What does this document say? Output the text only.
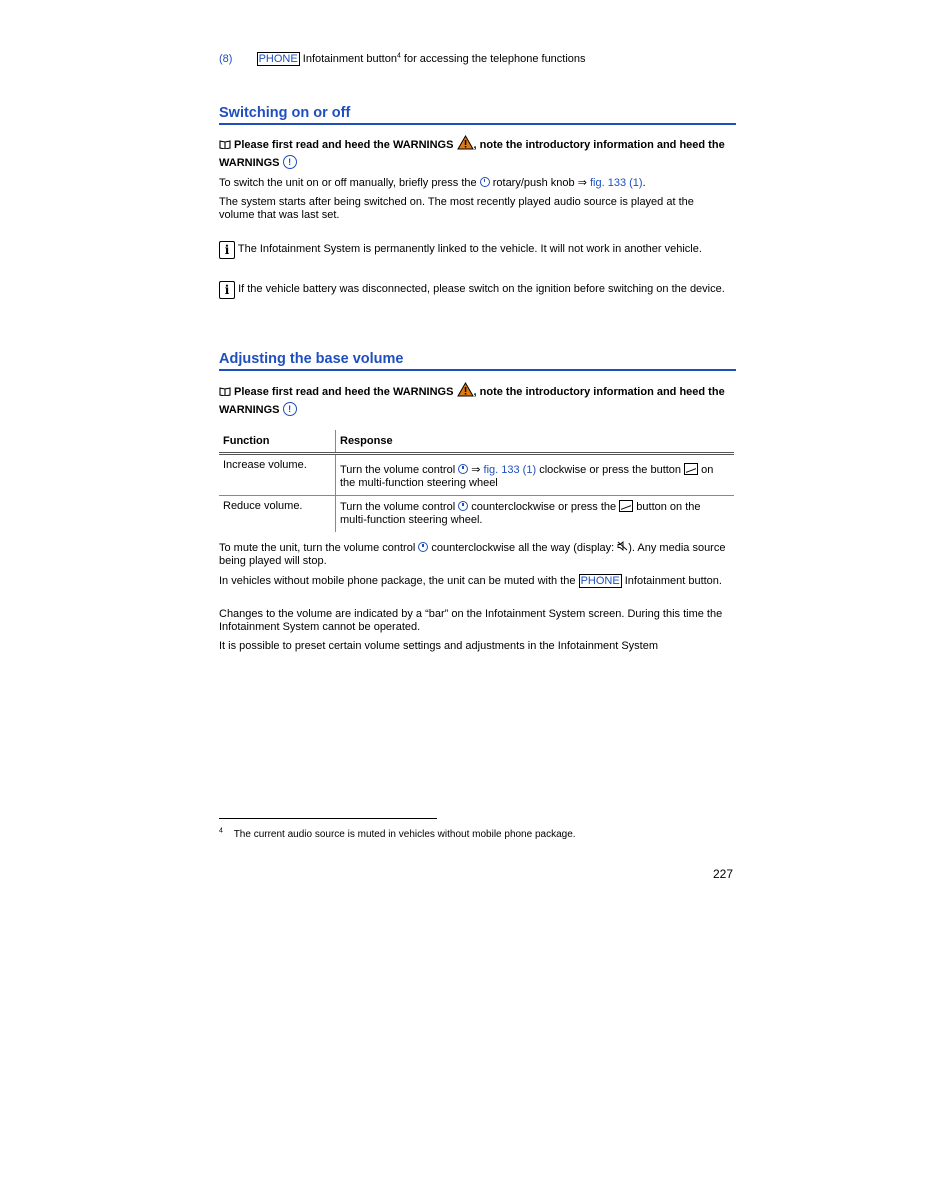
(8) PHONE Infotainment button$^4$ for accessing the telephone functions
Switching on or off
Please first read and heed the WARNINGS , note the introductory information and heed the WARNINGS !
To switch the unit on or off manually, briefly press the  rotary/push knob ⇒ fig. 133 (1).
The system starts after being switched on. The most recently played audio source is played at the volume that was last set.
i The Infotainment System is permanently linked to the vehicle. It will not work in another vehicle.
i If the vehicle battery was disconnected, please switch on the ignition before switching on the device.
Adjusting the base volume
Please first read and heed the WARNINGS , note the introductory information and heed the WARNINGS !
Function	Response
Increase volume.	Turn the volume control  ⇒ fig. 133 (1) clockwise or press the button  on the multi-function steering wheel
Reduce volume.	Turn the volume control  counterclockwise or press the  button on the multi-function steering wheel.
To mute the unit, turn the volume control  counterclockwise all the way (display: ). Any media source being played will stop.
In vehicles without mobile phone package, the unit can be muted with the PHONE Infotainment button.
Changes to the volume are indicated by a “bar” on the Infotainment System screen. During this time the Infotainment System cannot be operated.
It is possible to preset certain volume settings and adjustments in the Infotainment System
$^4$ The current audio source is muted in vehicles without mobile phone package.
227
